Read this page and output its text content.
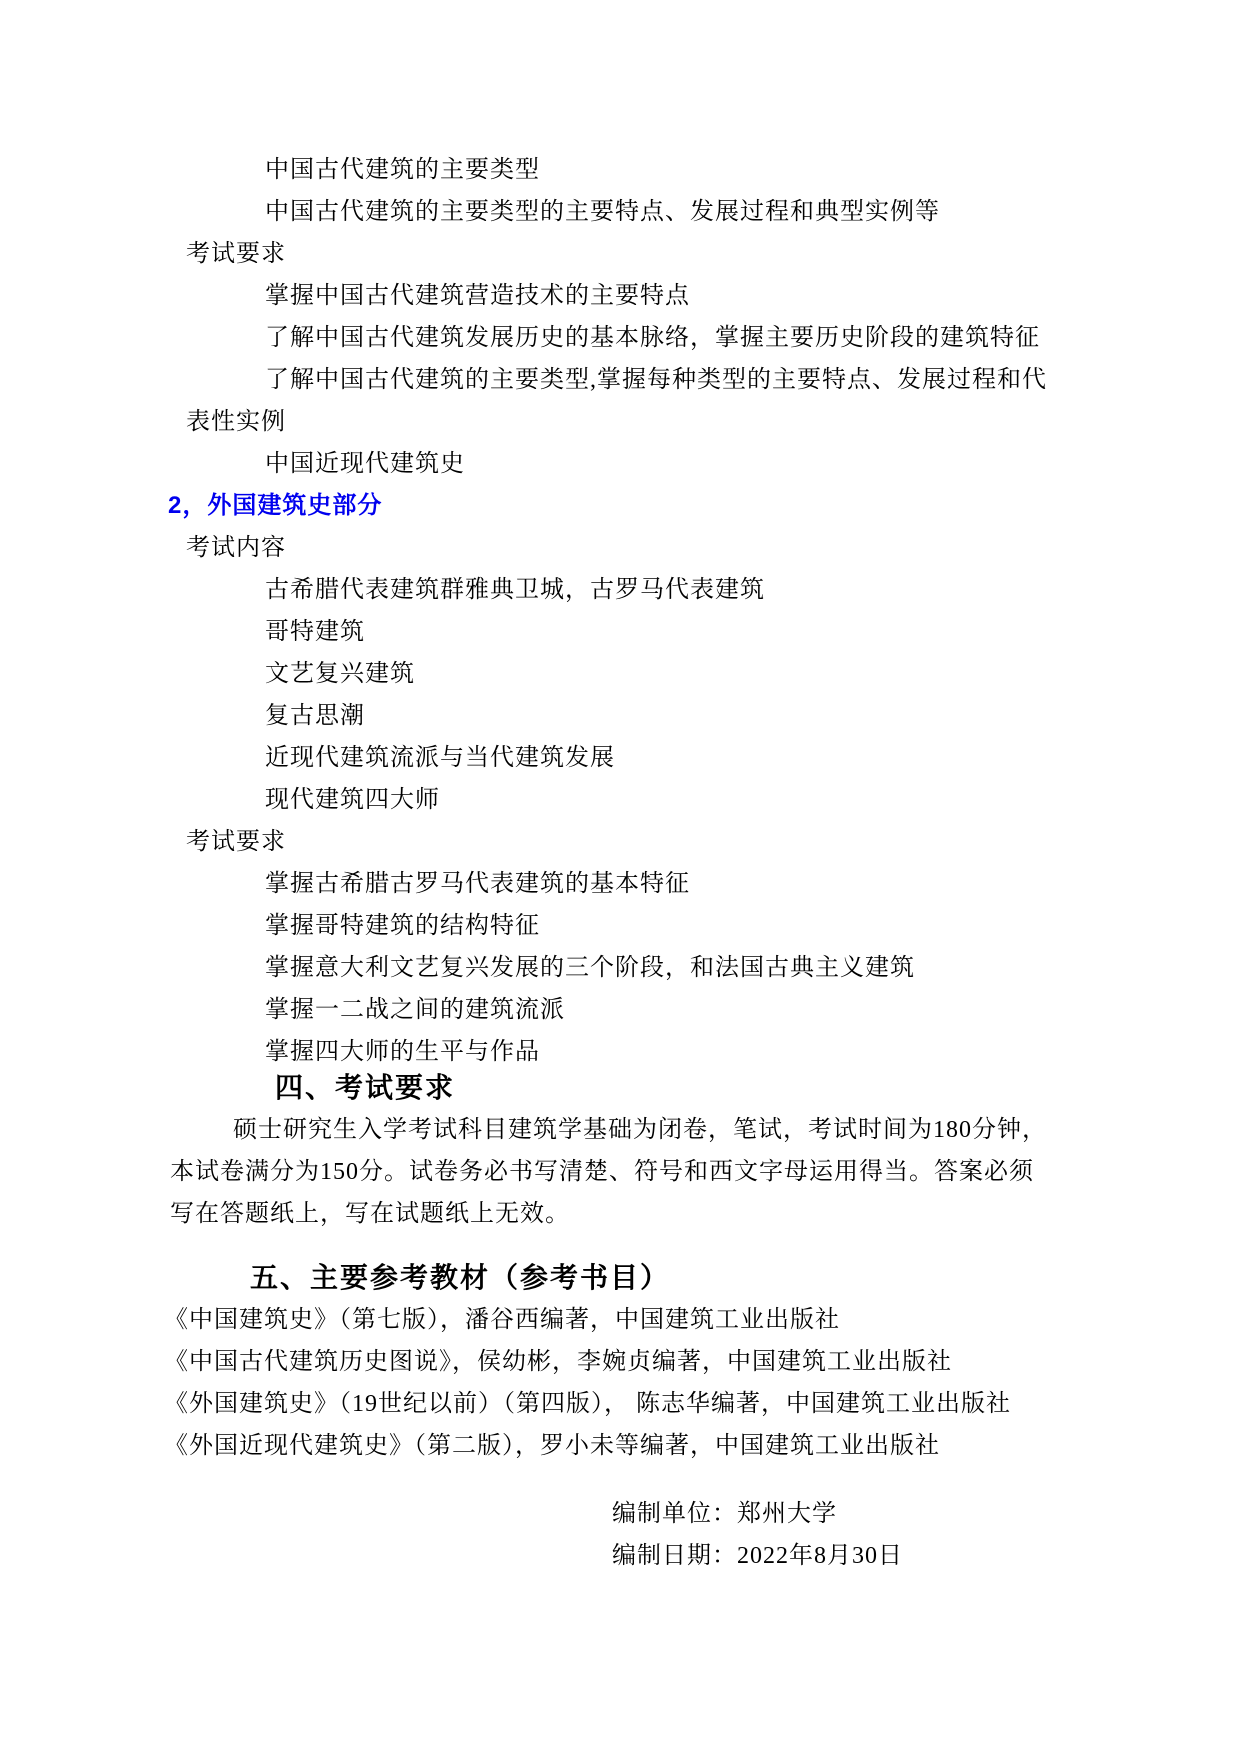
中国古代建筑的主要类型
中国古代建筑的主要类型的主要特点、发展过程和典型实例等
考试要求
掌握中国古代建筑营造技术的主要特点
了解中国古代建筑发展历史的基本脉络，掌握主要历史阶段的建筑特征
了解中国古代建筑的主要类型,掌握每种类型的主要特点、发展过程和代
表性实例
中国近现代建筑史
2，外国建筑史部分
考试内容
古希腊代表建筑群雅典卫城，古罗马代表建筑
哥特建筑
文艺复兴建筑
复古思潮
近现代建筑流派与当代建筑发展
现代建筑四大师
考试要求
掌握古希腊古罗马代表建筑的基本特征
掌握哥特建筑的结构特征
掌握意大利文艺复兴发展的三个阶段，和法国古典主义建筑
掌握一二战之间的建筑流派
掌握四大师的生平与作品
四、考试要求
硕士研究生入学考试科目建筑学基础为闭卷，笔试，考试时间为180分钟，
本试卷满分为150分。试卷务必书写清楚、符号和西文字母运用得当。答案必须
写在答题纸上，写在试题纸上无效。
五、主要参考教材（参考书目）
《中国建筑史》（第七版），潘谷西编著，中国建筑工业出版社
《中国古代建筑历史图说》，侯幼彬，李婉贞编著，中国建筑工业出版社
《外国建筑史》（19世纪以前）（第四版）， 陈志华编著，中国建筑工业出版社
《外国近现代建筑史》（第二版），罗小未等编著，中国建筑工业出版社
编制单位：郑州大学
编制日期：2022年8月30日
